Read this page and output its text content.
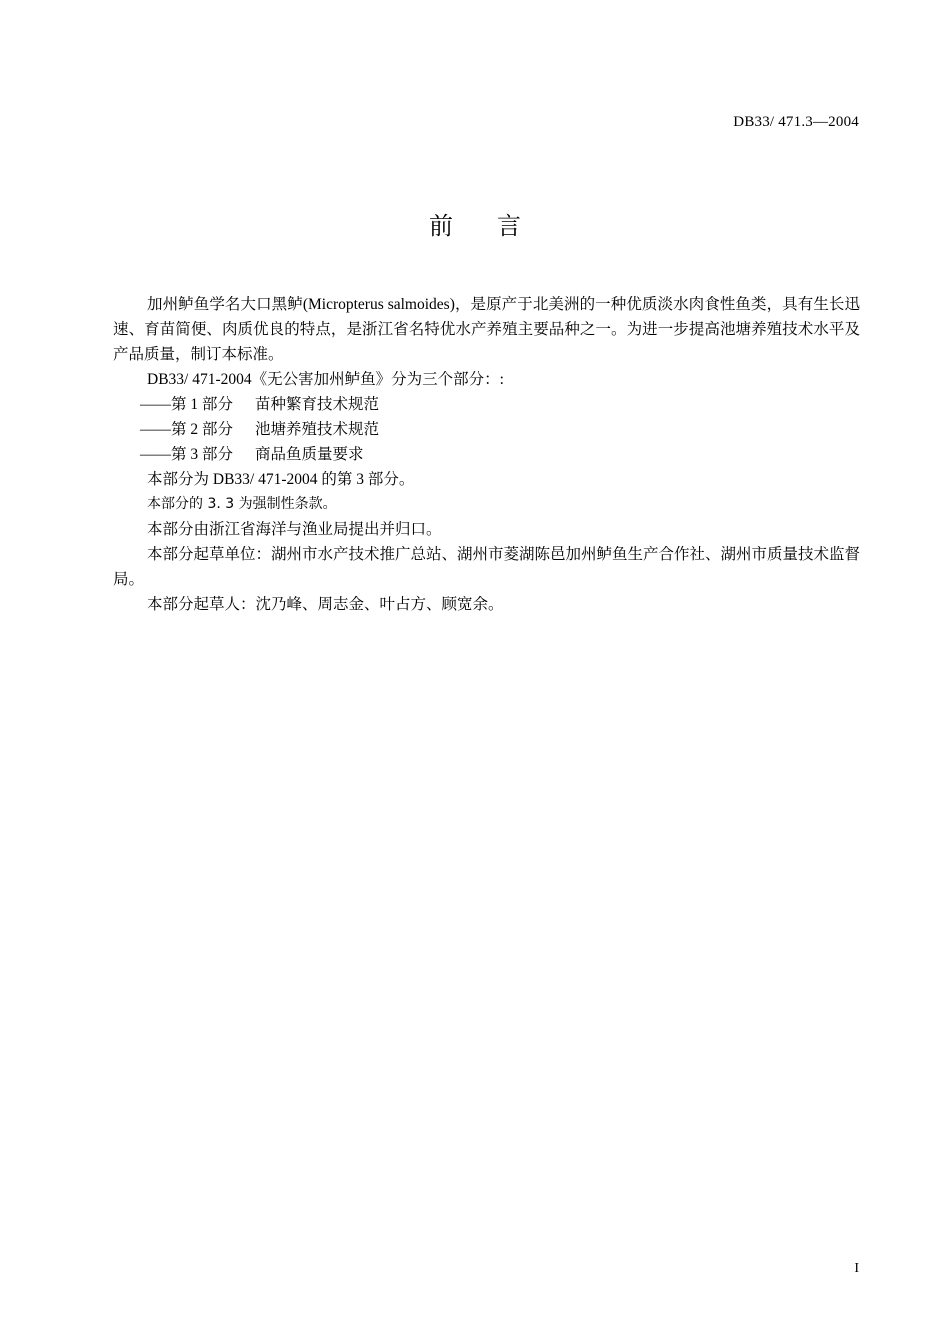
DB33/ 471.3—2004
前言

加州鲈鱼学名大口黑鲈(Micropterus salmoides)，是原产于北美洲的一种优质淡水肉食性鱼类，具有生长迅速、育苗简便、肉质优良的特点，是浙江省名特优水产养殖主要品种之一。为进一步提高池塘养殖技术水平及产品质量，制订本标准。

DB33/ 471-2004《无公害加州鲈鱼》分为三个部分：:

——第 1 部分 苗种繁育技术规范

——第 2 部分 池塘养殖技术规范

——第 3 部分 商品鱼质量要求

本部分为 DB33/ 471-2004 的第 3 部分。

本部分的 3. 3 为强制性条款。

本部分由浙江省海洋与渔业局提出并归口。

本部分起草单位：湖州市水产技术推广总站、湖州市菱湖陈邑加州鲈鱼生产合作社、湖州市质量技术监督局。

本部分起草人：沈乃峰、周志金、叶占方、顾宽余。

I
